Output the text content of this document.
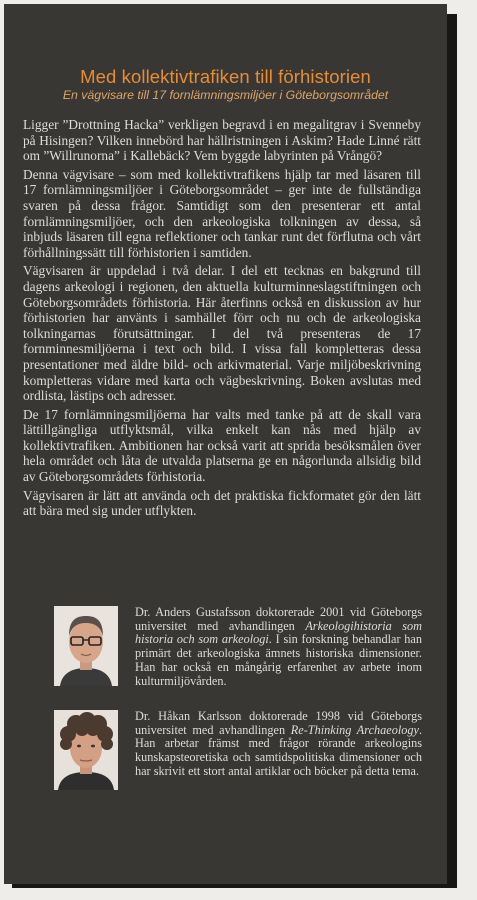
Med kollektivtrafiken till förhistorien
En vägvisare till 17 fornlämningsmiljöer i Göteborgsområdet

Ligger ”Drottning Hacka” verkligen begravd i en megalitgrav i Svenneby på Hisingen? Vilken innebörd har hällristningen i Askim? Hade Linné rätt om ”Willrunorna” i Kallebäck? Vem byggde labyrinten på Vrångö?

Denna vägvisare – som med kollektivtrafikens hjälp tar med läsaren till 17 fornlämningsmiljöer i Göteborgsområdet – ger inte de fullständiga svaren på dessa frågor. Samtidigt som den presenterar ett antal fornlämningsmiljöer, och den arkeologiska tolkningen av dessa, så inbjuds läsaren till egna reflektioner och tankar runt det förflutna och vårt förhållningssätt till förhistorien i samtiden.

Vägvisaren är uppdelad i två delar. I del ett tecknas en bakgrund till dagens arkeologi i regionen, den aktuella kulturminneslagstiftningen och Göteborgsområdets förhistoria. Här återfinns också en diskussion av hur förhistorien har använts i samhället förr och nu och de arkeologiska tolkningarnas förutsättningar. I del två presenteras de 17 fornminnesmiljöerna i text och bild. I vissa fall kompletteras dessa presentationer med äldre bild- och arkivmaterial. Varje miljöbeskrivning kompletteras vidare med karta och vägbeskrivning. Boken avslutas med ordlista, lästips och adresser.

De 17 fornlämningsmiljöerna har valts med tanke på att de skall vara lättillgängliga utflyktsmål, vilka enkelt kan nås med hjälp av kollektivtrafiken. Ambitionen har också varit att sprida besöksmålen över hela området och låta de utvalda platserna ge en någorlunda allsidig bild av Göteborgsområdets förhistoria.

Vägvisaren är lätt att använda och det praktiska fickformatet gör den lätt att bära med sig under utflykten.

Dr. Anders Gustafsson doktorerade 2001 vid Göteborgs universitet med avhandlingen Arkeologihistoria som historia och som arkeologi. I sin forskning behandlar han primärt det arkeologiska ämnets historiska dimensioner. Han har också en mångårig erfarenhet av arbete inom kulturmiljövården.
Dr. Håkan Karlsson doktorerade 1998 vid Göteborgs universitet med avhandlingen Re-Thinking Archaeology. Han arbetar främst med frågor rörande arkeologins kunskapsteoretiska och samtidspolitiska dimensioner och har skrivit ett stort antal artiklar och böcker på detta tema.
